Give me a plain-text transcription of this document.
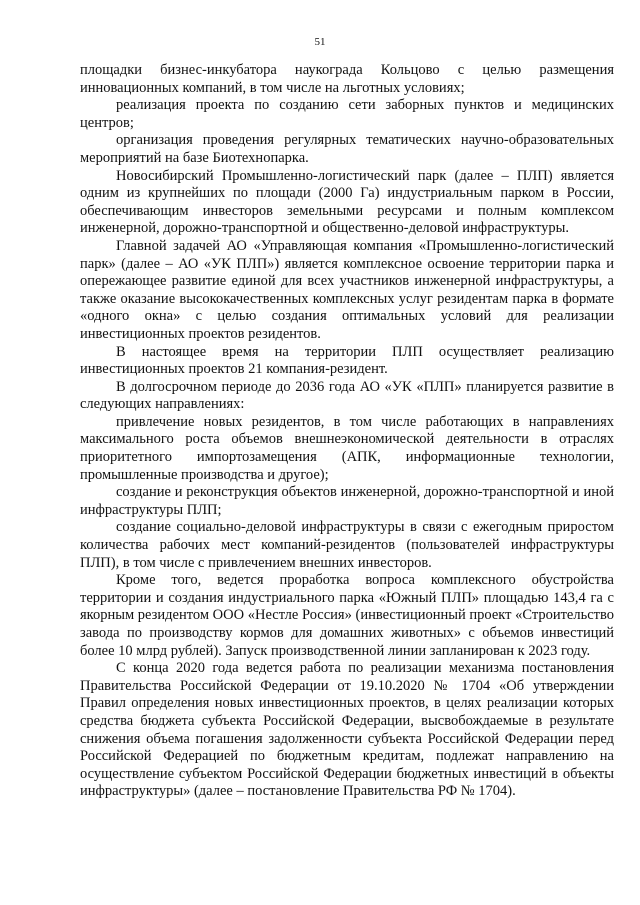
51

площадки бизнес-инкубатора наукограда Кольцово с целью размещения инновационных компаний, в том числе на льготных условиях;

реализация проекта по созданию сети заборных пунктов и медицинских центров;

организация проведения регулярных тематических научно-образовательных мероприятий на базе Биотехнопарка.

Новосибирский Промышленно-логистический парк (далее – ПЛП) является одним из крупнейших по площади (2000 Га) индустриальным парком в России, обеспечивающим инвесторов земельными ресурсами и полным комплексом инженерной, дорожно-транспортной и общественно-деловой инфраструктуры.

Главной задачей АО «Управляющая компания «Промышленно-логистический парк» (далее – АО «УК ПЛП») является комплексное освоение территории парка и опережающее развитие единой для всех участников инженерной инфраструктуры, а также оказание высококачественных комплексных услуг резидентам парка в формате «одного окна» с целью создания оптимальных условий для реализации инвестиционных проектов резидентов.

В настоящее время на территории ПЛП осуществляет реализацию инвестиционных проектов 21 компания-резидент.

В долгосрочном периоде до 2036 года АО «УК «ПЛП» планируется развитие в следующих направлениях:

привлечение новых резидентов, в том числе работающих в направлениях максимального роста объемов внешнеэкономической деятельности в отраслях приоритетного импортозамещения (АПК, информационные технологии, промышленные производства и другое);

создание и реконструкция объектов инженерной, дорожно-транспортной и иной инфраструктуры ПЛП;

создание социально-деловой инфраструктуры в связи с ежегодным приростом количества рабочих мест компаний-резидентов (пользователей инфраструктуры ПЛП), в том числе с привлечением внешних инвесторов.

Кроме того, ведется проработка вопроса комплексного обустройства территории и создания индустриального парка «Южный ПЛП» площадью 143,4 га с якорным резидентом ООО «Нестле Россия» (инвестиционный проект «Строительство завода по производству кормов для домашних животных» с объемов инвестиций более 10 млрд рублей). Запуск производственной линии запланирован к 2023 году.

С конца 2020 года ведется работа по реализации механизма постановления Правительства Российской Федерации от 19.10.2020 № 1704 «Об утверждении Правил определения новых инвестиционных проектов, в целях реализации которых средства бюджета субъекта Российской Федерации, высвобождаемые в результате снижения объема погашения задолженности субъекта Российской Федерации перед Российской Федерацией по бюджетным кредитам, подлежат направлению на осуществление субъектом Российской Федерации бюджетных инвестиций в объекты инфраструктуры» (далее – постановление Правительства РФ № 1704).
